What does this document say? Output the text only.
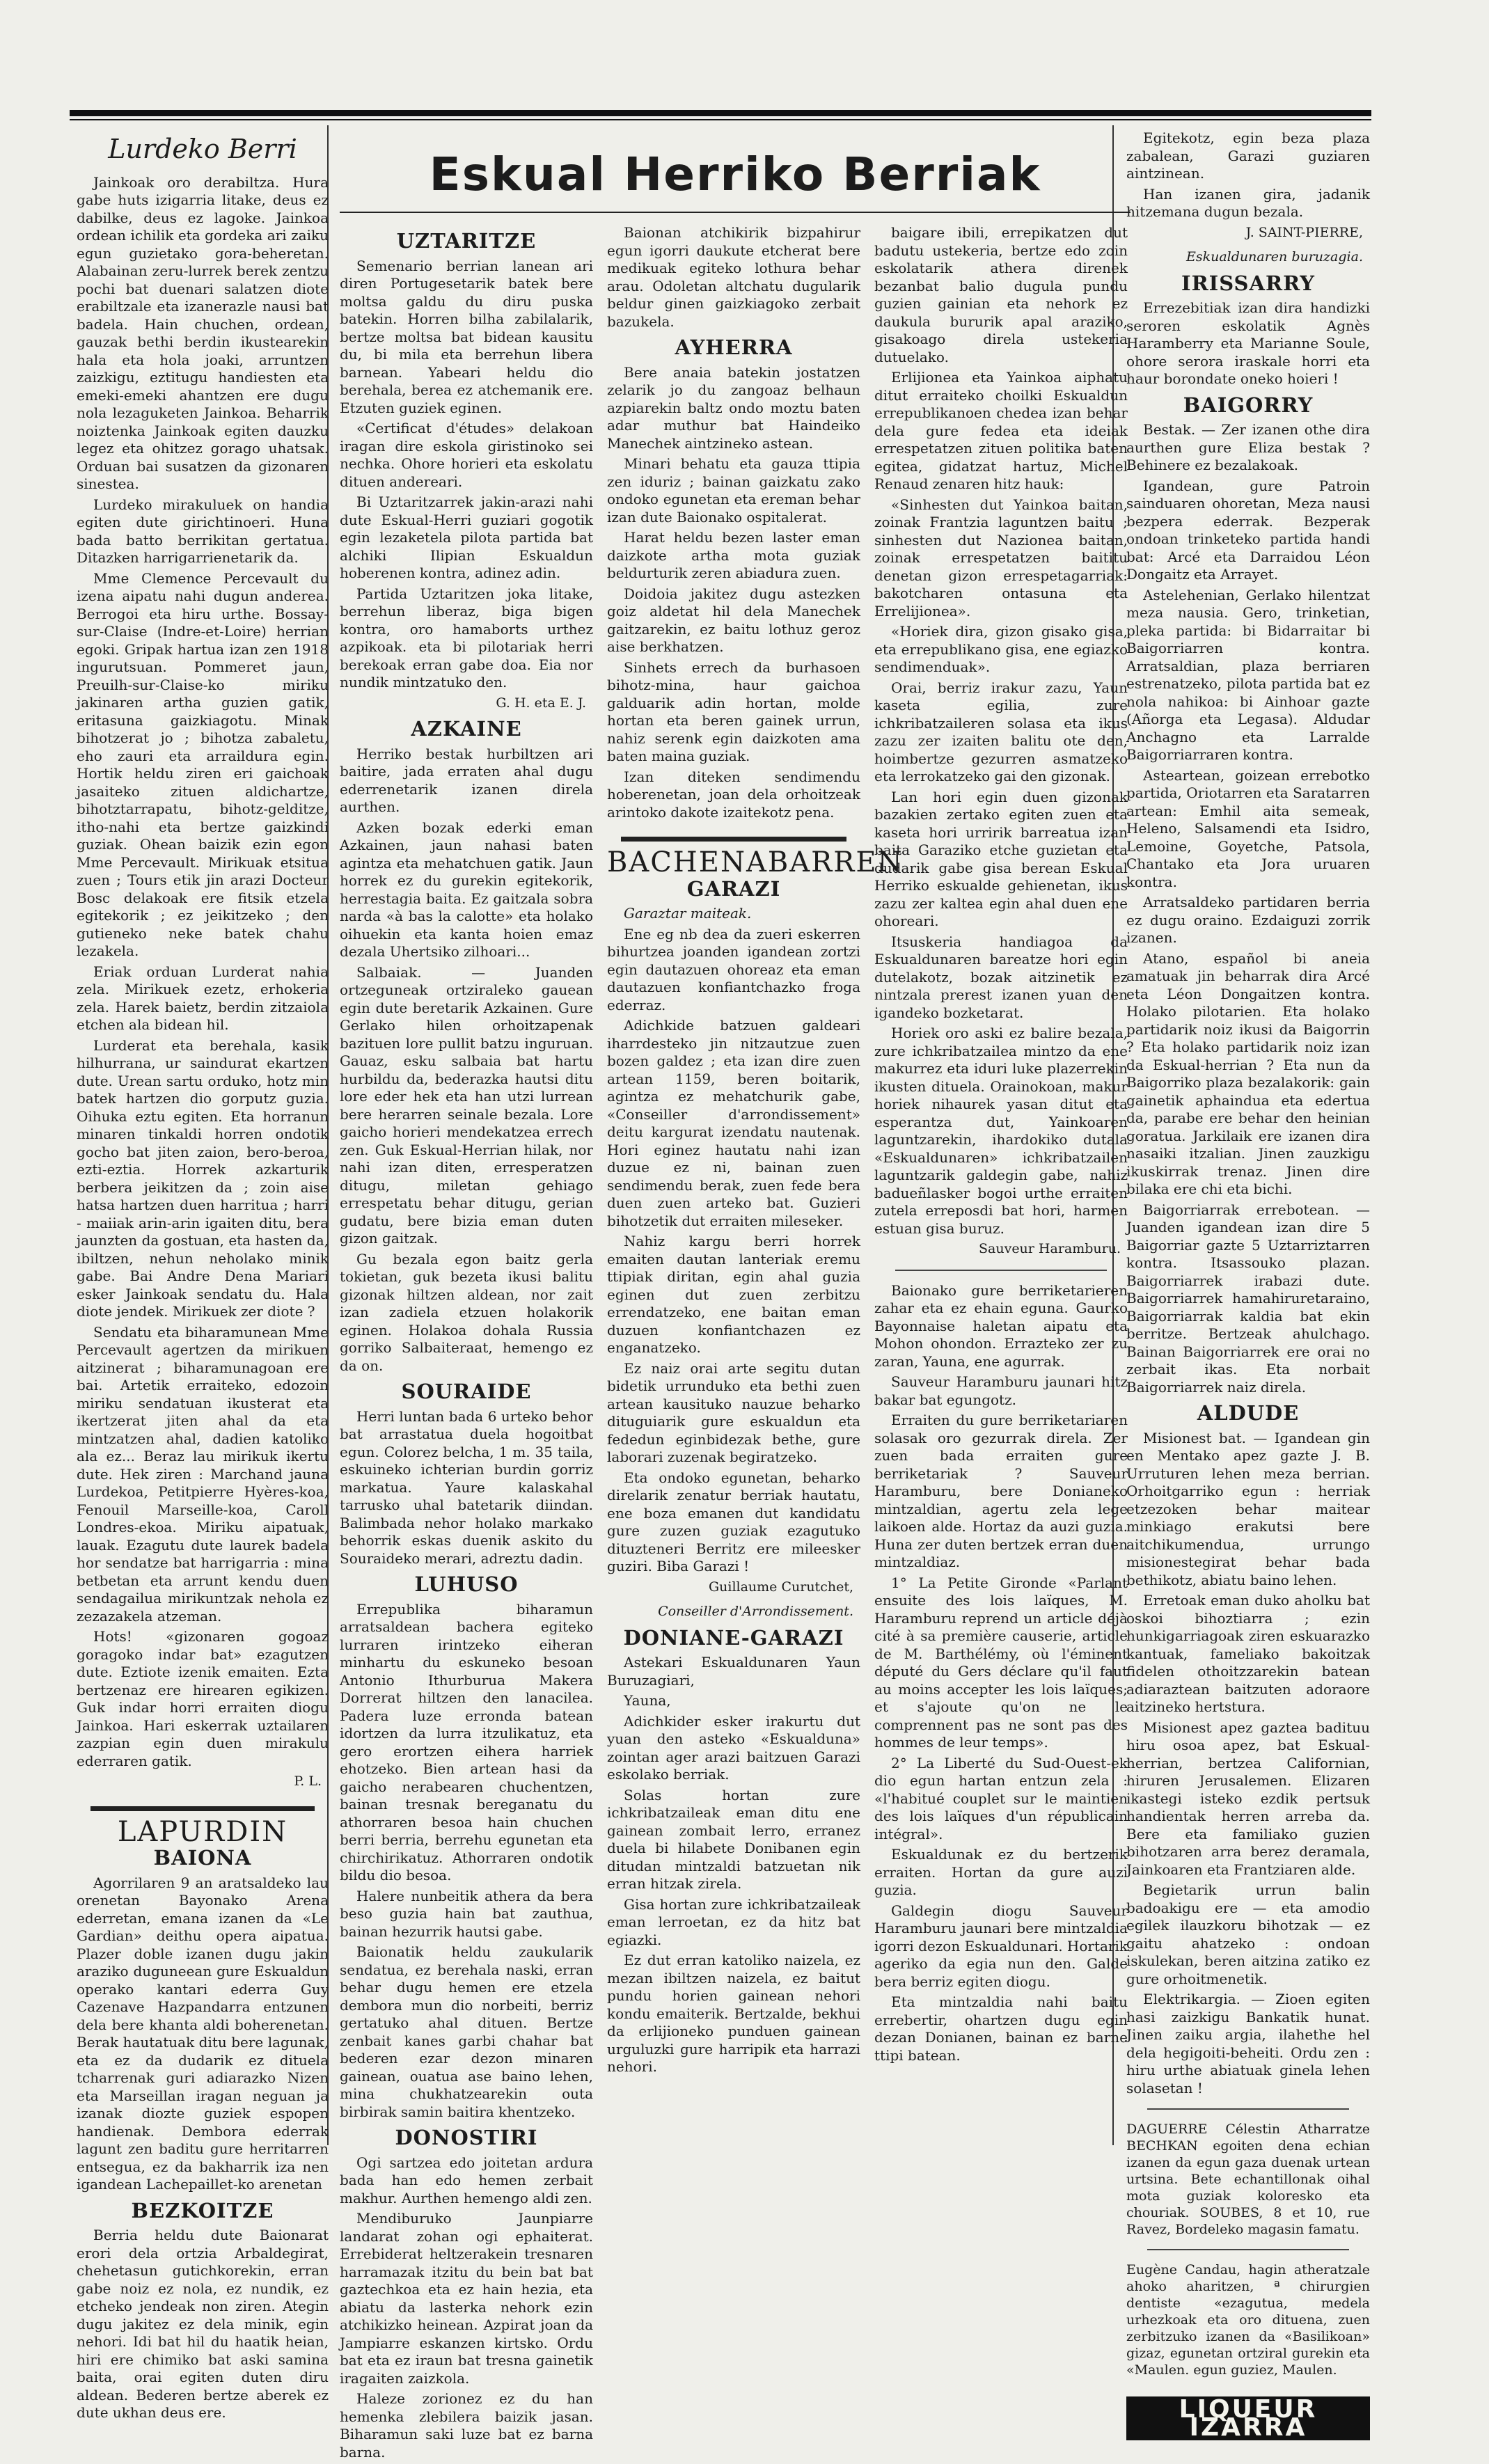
Lurdeko Berri

Jainkoak oro derabiltza. Hura gabe huts izigarria litake, deus ez dabilke, deus ez lagoke. Jainkoa ordean ichilik eta gordeka ari zaiku egun guzietako gora-beheretan. Alabainan zeru-lurrek berek zentzu pochi bat duenari salatzen diote erabiltzale eta izanerazle nausi bat badela. Hain chuchen, ordean, gauzak bethi berdin ikustearekin hala eta hola joaki, arruntzen zaizkigu, eztitugu handiesten eta emeki-emeki ahantzen ere dugu nola lezaguketen Jainkoa. Beharrik noiztenka Jainkoak egiten dauzku legez eta ohitzez gorago uhatsak. Orduan bai susatzen da gizonaren sinestea.

Lurdeko mirakuluek on handia egiten dute girichtinoeri. Huna bada batto berrikitan gertatua. Ditazken harrigarrienetarik da.

Mme Clemence Percevault du izena aipatu nahi dugun anderea. Berrogoi eta hiru urthe. Bossay-sur-Claise (Indre-et-Loire) herrian egoki. Gripak hartua izan zen 1918 ingurutsuan. Pommeret jaun, Preuilh-sur-Claise-ko miriku jakinaren artha guzien gatik, eritasuna gaizkiagotu. Minak bihotzerat jo ; bihotza zabaletu, eho zauri eta arraildura egin. Hortik heldu ziren eri gaichoak jasaiteko zituen aldichartze, bihotztarrapatu, bihotz-gelditze, itho-nahi eta bertze gaizkindi guziak. Ohean baizik ezin egon Mme Percevault. Mirikuak etsitua zuen ; Tours etik jin arazi Docteur Bosc delakoak ere fitsik etzela egitekorik ; ez jeikitzeko ; den gutieneko neke batek chahu lezakela.

Eriak orduan Lurderat nahia zela. Mirikuek ezetz, erhokeria zela. Harek baietz, berdin zitzaiola etchen ala bidean hil.

Lurderat eta berehala, kasik hilhurrana, ur saindurat ekartzen dute. Urean sartu orduko, hotz min batek hartzen dio gorputz guzia. Oihuka eztu egiten. Eta horranun minaren tinkaldi horren ondotik gocho bat jiten zaion, bero-beroa, ezti-eztia. Horrek azkarturik berbera jeikitzen da ; zoin aise hatsa hartzen duen harritua ; harri - maiiak arin-arin igaiten ditu, bera jaunzten da gostuan, eta hasten da, ibiltzen, nehun neholako minik gabe. Bai Andre Dena Mariari esker Jainkoak sendatu du. Hala diote jendek. Mirikuek zer diote ?

Sendatu eta biharamunean Mme Percevault agertzen da mirikuen aitzinerat ; biharamunagoan ere bai. Artetik erraiteko, edozoin miriku sendatuan ikusterat eta ikertzerat jiten ahal da eta mintzatzen ahal, dadien katoliko ala ez... Beraz lau mirikuk ikertu dute. Hek ziren : Marchand jauna Lurdekoa, Petitpierre Hyères-koa, Fenouil Marseille-koa, Caroll Londres-ekoa. Miriku aipatuak, lauak. Ezagutu dute laurek badela hor sendatze bat harrigarria : mina betbetan eta arrunt kendu duen sendagailua mirikuntzak nehola ez zezazakela atzeman.

Hots! «gizonaren gogoaz goragoko indar bat» ezagutzen dute. Eztiote izenik emaiten. Ezta bertzenaz ere hirearen egikizen. Guk indar horri erraiten diogu Jainkoa. Hari eskerrak uztailaren zazpian egin duen mirakulu ederraren gatik.

P. L.
LAPURDIN
BAIONA

Agorrilaren 9 an aratsaldeko lau orenetan Bayonako Arena ederretan, emana izanen da «Le Gardian» deithu opera aipatua. Plazer doble izanen dugu jakin araziko duguneean gure Eskualdun operako kantari ederra Guy Cazenave Hazpandarra entzunen dela bere khanta aldi boherenetan. Berak hautatuak ditu bere lagunak, eta ez da dudarik ez dituela tcharrenak guri adiarazko Nizen eta Marseillan iragan neguan ja izanak diozte guziek espopen handienak. Dembora ederrak lagunt zen baditu gure herritarren entsegua, ez da bakharrik iza nen igandean Lachepaillet-ko arenetan

BEZKOITZE

Berria heldu dute Baionarat erori dela ortzia Arbaldegirat, chehetasun gutichkorekin, erran gabe noiz ez nola, ez nundik, ez etcheko jendeak non ziren. Ategin dugu jakitez ez dela minik, egin nehori. Idi bat hil du haatik heian, hiri ere chimiko bat aski samina baita, orai egiten duten diru aldean. Bederen bertze aberek ez dute ukhan deus ere.

Eskual Herriko Berriak
UZTARITZE

Semenario berrian lanean ari diren Portugesetarik batek bere moltsa galdu du diru puska batekin. Horren bilha zabilalarik, bertze moltsa bat bidean kausitu du, bi mila eta berrehun libera barnean. Yabeari heldu dio berehala, berea ez atchemanik ere. Etzuten guziek eginen.

«Certificat d'études» delakoan iragan dire eskola giristinoko sei nechka. Ohore horieri eta eskolatu dituen andereari.

Bi Uztaritzarrek jakin-arazi nahi dute Eskual-Herri guziari gogotik egin lezaketela pilota partida bat alchiki Ilipian Eskualdun hoberenen kontra, adinez adin.

Partida Uztaritzen joka litake, berrehun liberaz, biga bigen kontra, oro hamaborts urthez azpikoak. eta bi pilotariak herri berekoak erran gabe doa. Eia nor nundik mintzatuko den.

G. H. eta E. J.
AZKAINE

Herriko bestak hurbiltzen ari baitire, jada erraten ahal dugu ederrenetarik izanen direla aurthen.

Azken bozak ederki eman Azkainen, jaun nahasi baten agintza eta mehatchuen gatik. Jaun horrek ez du gurekin egitekorik, herrestagia baita. Ez gaitzala sobra narda «à bas la calotte» eta holako oihuekin eta kanta hoien emaz dezala Uhertsiko zilhoari...

Salbaiak. — Juanden ortzeguneak ortziraleko gauean egin dute beretarik Azkainen. Gure Gerlako hilen orhoitzapenak bazituen lore pullit batzu inguruan. Gauaz, esku salbaia bat hartu hurbildu da, bederazka hautsi ditu lore eder hek eta han utzi lurrean bere herarren seinale bezala. Lore gaicho horieri mendekatzea errech zen. Guk Eskual-Herrian hilak, nor nahi izan diten, erresperatzen ditugu, miletan gehiago errespetatu behar ditugu, gerian gudatu, bere bizia eman duten gizon gaitzak.

Gu bezala egon baitz gerla tokietan, guk bezeta ikusi balitu gizonak hiltzen aldean, nor zait izan zadiela etzuen holakorik eginen. Holakoa dohala Russia gorriko Salbaiteraat, hemengo ez da on.

SOURAIDE

Herri luntan bada 6 urteko behor bat arrastatua duela hogoitbat egun. Colorez belcha, 1 m. 35 taila, eskuineko ichterian burdin gorriz markatua. Yaure kalaskahal tarrusko uhal batetarik diindan. Balimbada nehor holako markako behorrik eskas duenik askito du Souraideko merari, adreztu dadin.

LUHUSO

Errepublika biharamun arratsaldean bachera egiteko lurraren irintzeko eiheran minhartu du eskuneko besoan Antonio Ithurburua Makera Dorrerat hiltzen den lanacilea. Padera luze erronda batean idortzen da lurra itzulikatuz, eta gero erortzen eihera harriek ehotzeko. Bien artean hasi da gaicho nerabearen chuchentzen, bainan tresnak bereganatu du athorraren besoa hain chuchen berri berria, berrehu egunetan eta chirchirikatuz. Athorraren ondotik bildu dio besoa.

Halere nunbeitik athera da bera beso guzia hain bat zauthua, bainan hezurrik hautsi gabe.

Baionatik heldu zaukularik sendatua, ez berehala naski, erran behar dugu hemen ere etzela dembora mun dio norbeiti, berriz gertatuko ahal dituen. Bertze zenbait kanes garbi chahar bat bederen ezar dezon minaren gainean, ouatua ase baino lehen, mina chukhatzearekin outa birbirak samin baitira khentzeko.

DONOSTIRI

Ogi sartzea edo joitetan ardura bada han edo hemen zerbait makhur. Aurthen hemengo aldi zen.

Mendiburuko Jaunpiarre landarat zohan ogi ephaiterat. Errebiderat heltzerakein tresnaren harramazak itzitu du bein bat bat gaztechkoa eta ez hain hezia, eta abiatu da lasterka nehork ezin atchikizko heinean. Azpirat joan da Jampiarre eskanzen kirtsko. Ordu bat eta ez iraun bat tresna gainetik iragaiten zaizkola.

Haleze zorionez ez du han hemenka zlebilera baizik jasan. Biharamun saki luze bat ez barna barna.

Baionan atchikirik bizpahirur egun igorri daukute etcherat bere medikuak egiteko lothura behar arau. Odoletan altchatu dugularik beldur ginen gaizkiagoko zerbait bazukela.

AYHERRA

Bere anaia batekin jostatzen zelarik jo du zangoaz belhaun azpiarekin baltz ondo moztu baten adar muthur bat Haindeiko Manechek aintzineko astean.

Minari behatu eta gauza ttipia zen iduriz ; bainan gaizkatu zako ondoko egunetan eta ereman behar izan dute Baionako ospitalerat.

Harat heldu bezen laster eman daizkote artha mota guziak beldurturik zeren abiadura zuen.

Doidoia jakitez dugu astezken goiz aldetat hil dela Manechek gaitzarekin, ez baitu lothuz geroz aise berkhatzen.

Sinhets errech da burhasoen bihotz-mina, haur gaichoa galduarik adin hortan, molde hortan eta beren gainek urrun, nahiz serenk egin daizkoten ama baten maina guziak.

Izan diteken sendimendu hoberenetan, joan dela orhoitzeak arintoko dakote izaitekotz pena.

BACHENABARREN
GARAZI

Garaztar maiteak.

Ene eg nb dea da zueri eskerren bihurtzea joanden igandean zortzi egin dautazuen ohoreaz eta eman dautazuen konfiantchazko froga ederraz.

Adichkide batzuen galdeari iharrdesteko jin nitzautzue zuen bozen galdez ; eta izan dire zuen artean 1159, beren boitarik, agintza ez mehatchurik gabe, «Conseiller d'arrondissement» deitu kargurat izendatu nautenak. Hori eginez hautatu nahi izan duzue ez ni, bainan zuen sendimendu berak, zuen fede bera duen zuen arteko bat. Guzieri bihotzetik dut erraiten mileseker.

Nahiz kargu berri horrek emaiten dautan lanteriak eremu ttipiak diritan, egin ahal guzia eginen dut zuen zerbitzu errendatzeko, ene baitan eman duzuen konfiantchazen ez enganatzeko.

Ez naiz orai arte segitu dutan bidetik urrunduko eta bethi zuen artean kausituko nauzue beharko dituguiarik gure eskualdun eta fededun eginbidezak bethe, gure laborari zuzenak begiratzeko.

Eta ondoko egunetan, beharko direlarik zenatur berriak hautatu, ene boza emanen dut kandidatu gure zuzen guziak ezagutuko dituzteneri Berritz ere mileesker guziri. Biba Garazi !

Guillaume Curutchet,
Conseiller d'Arrondissement.
DONIANE-GARAZI

Astekari Eskualdunaren Yaun Buruzagiari,

Yauna,

Adichkider esker irakurtu dut yuan den asteko «Eskualduna» zointan ager arazi baitzuen Garazi eskolako berriak.

Solas hortan zure ichkribatzaileak eman ditu ene gainean zombait lerro, erranez duela bi hilabete Donibanen egin ditudan mintzaldi batzuetan nik erran hitzak zirela.

Gisa hortan zure ichkribatzaileak eman lerroetan, ez da hitz bat egiazki.

Ez dut erran katoliko naizela, ez mezan ibiltzen naizela, ez baitut pundu horien gainean nehori kondu emaiterik. Bertzalde, bekhui da erlijioneko punduen gainean urguluzki gure harripik eta harrazi nehori.

baigare ibili, errepikatzen dut badutu ustekeria, bertze edo zoin eskolatarik athera direnek bezanbat balio dugula pundu guzien gainian eta nehork ez daukula bururik apal araziko, gisakoago direla ustekeria dutuelako.

Erlijionea eta Yainkoa aiphatu ditut erraiteko choilki Eskualdun errepublikanoen chedea izan behar dela gure fedea eta ideiak errespetatzen zituen politika baten egitea, gidatzat hartuz, Michel Renaud zenaren hitz hauk:

«Sinhesten dut Yainkoa baitan, zoinak Frantzia laguntzen baitu ; sinhesten dut Nazionea baitan, zoinak errespetatzen baititu denetan gizon errespetagarriak: bakotcharen ontasuna eta Errelijionea».

«Horiek dira, gizon gisako gisa, eta errepublikano gisa, ene egiazko sendimenduak».

Orai, berriz irakur zazu, Yaun kaseta egilia, zure ichkribatzaileren solasa eta ikus zazu zer izaiten balitu ote den, hoimbertze gezurren asmatzeko eta lerrokatzeko gai den gizonak.

Lan hori egin duen gizonak bazakien zertako egiten zuen eta kaseta hori urririk barreatua izan baita Garaziko etche guzietan eta dudarik gabe gisa berean Eskual Herriko eskualde gehienetan, ikus zazu zer kaltea egin ahal duen ene ohoreari.

Itsuskeria handiagoa da Eskualdunaren bareatze hori egin dutelakotz, bozak aitzinetik ez nintzala prerest izanen yuan den igandeko bozketarat.

Horiek oro aski ez balire bezala, zure ichkribatzailea mintzo da ene makurrez eta iduri luke plazerrekin ikusten dituela. Orainokoan, makur horiek nihaurek yasan ditut eta esperantza dut, Yainkoaren laguntzarekin, ihardokiko dutala «Eskualdunaren» ichkribatzailen laguntzarik galdegin gabe, nahiz badueñlasker bogoi urthe erraiten zutela erreposdi bat hori, harmen estuan gisa buruz.

Sauveur Haramburu.

Baionako gure berriketarieren zahar eta ez ehain eguna. Gaurko Bayonnaise haletan aipatu eta Mohon ohondon. Errazteko zer zu zaran, Yauna, ene agurrak.

Sauveur Haramburu jaunari hitz bakar bat egungotz.

Erraiten du gure berriketariaren solasak oro gezurrak direla. Zer zuen bada erraiten gure berriketariak ? Sauveur Haramburu, bere Donianeko mintzaldian, agertu zela lege laikoen alde. Hortaz da auzi guzia. Huna zer duten bertzek erran duen mintzaldiaz.

1° La Petite Gironde «Parlant ensuite des lois laïques, M. Haramburu reprend un article déjà cité à sa première causerie, article de M. Barthélémy, où l'éminent député du Gers déclare qu'il faut au moins accepter les lois laïques; et s'ajoute qu'on ne le comprennent pas ne sont pas des hommes de leur temps».

2° La Liberté du Sud-Ouest-ek dio egun hartan entzun zela : «l'habitué couplet sur le maintien des lois laïques d'un républicain intégral».

Eskualdunak ez du bertzerik erraiten. Hortan da gure auzi guzia.

Galdegin diogu Sauveur Haramburu jaunari bere mintzaldia igorri dezon Eskualdunari. Hortarik ageriko da egia nun den. Galde bera berriz egiten diogu.

Eta mintzaldia nahi baitu errebertir, ohartzen dugu egin dezan Donianen, bainan ez barne ttipi batean.

Egitekotz, egin beza plaza zabalean, Garazi guziaren aintzinean.

Han izanen gira, jadanik hitzemana dugun bezala.

J. SAINT-PIERRE,
Eskualdunaren buruzagia.
IRISSARRY

Errezebitiak izan dira handizki seroren eskolatik Agnès Haramberry eta Marianne Soule, ohore serora iraskale horri eta haur borondate oneko hoieri !

BAIGORRY

Bestak. — Zer izanen othe dira aurthen gure Eliza bestak ? Behinere ez bezalakoak.

Igandean, gure Patroin sainduaren ohoretan, Meza nausi bezpera ederrak. Bezperak ondoan trinketeko partida handi bat: Arcé eta Darraidou Léon Dongaitz eta Arrayet.

Astelehenian, Gerlako hilentzat meza nausia. Gero, trinketian, pleka partida: bi Bidarraitar bi Baigorriarren kontra. Arratsaldian, plaza berriaren estrenatzeko, pilota partida bat ez nola nahikoa: bi Ainhoar gazte (Añorga eta Legasa). Aldudar Anchagno eta Larralde Baigorriarraren kontra.

Asteartean, goizean errebotko partida, Oriotarren eta Saratarren artean: Emhil aita semeak, Heleno, Salsamendi eta Isidro, Lemoine, Goyetche, Patsola, Chantako eta Jora uruaren kontra.

Arratsaldeko partidaren berria ez dugu oraino. Ezdaiguzi zorrik izanen.

Atano, español bi aneia amatuak jin beharrak dira Arcé eta Léon Dongaitzen kontra. Holako pilotarien. Eta holako partidarik noiz ikusi da Baigorrin ? Eta holako partidarik noiz izan da Eskual-herrian ? Eta nun da Baigorriko plaza bezalakorik: gain gainetik aphaindua eta edertua da, parabe ere behar den heinian goratua. Jarkilaik ere izanen dira nasaiki itzalian. Jinen zauzkigu ikuskirrak trenaz. Jinen dire bilaka ere chi eta bichi.

Baigorriarrak errebotean. — Juanden igandean izan dire 5 Baigorriar gazte 5 Uztarriztarren kontra. Itsassouko plazan. Baigorriarrek irabazi dute. Baigorriarrek hamahiruretaraino, Baigorriarrak kaldia bat ekin berritze. Bertzeak ahulchago. Bainan Baigorriarrek ere orai no zerbait ikas. Eta norbait Baigorriarrek naiz direla.

ALDUDE

Misionest bat. — Igandean gin en Mentako apez gazte J. B. Urruturen lehen meza berrian. Orhoitgarriko egun : herriak etzezoken behar maitear minkiago erakutsi bere aitchikumendua, urrungo misionestegirat behar bada bethikotz, abiatu baino lehen.

Erretoak eman duko aholku bat oskoi bihoztiarra ; ezin hunkigarriagoak ziren eskuarazko kantuak, fameliako bakoitzak fidelen othoitzzarekin batean adiaraztean baitzuten adoraore aitzineko hertstura.

Misionest apez gaztea badituu hiru osoa apez, bat Eskual-herrian, bertzea Californian, hiruren Jerusalemen. Elizaren ikastegi isteko ezdik pertsuk handientak herren arreba da. Bere eta familiako guzien bihotzaren arra berez deramala, Jainkoaren eta Frantziaren alde.

Begietarik urrun balin badoakigu ere — eta amodio egilek ilauzkoru bihotzak — ez gaitu ahatzeko : ondoan iskulekan, beren aitzina zatiko ez gure orhoitmenetik.

Elektrikargia. — Zioen egiten hasi zaizkigu Bankatik hunat. Jinen zaiku argia, ilahethe hel dela hegigoiti-beheiti. Ordu zen : hiru urthe abiatuak ginela lehen solasetan !

DAGUERRE Célestin Atharratze BECHKAN egoiten dena echian izanen da egun gaza duenak urtean urtsina. Bete echantillonak oihal mota guziak koloresko eta chouriak. SOUBES, 8 et 10, rue Ravez, Bordeleko magasin famatu.
Eugène Candau, hagin atheratzale ahoko aharitzen, ª chirurgien dentiste «ezagutua, medela urhezkoak eta oro dituena, zuen zerbitzuko izanen da «Basilikoan» gizaz, egunetan ortziral gurekin eta «Maulen. egun guziez, Maulen.
LIQUEUR IZARRA
